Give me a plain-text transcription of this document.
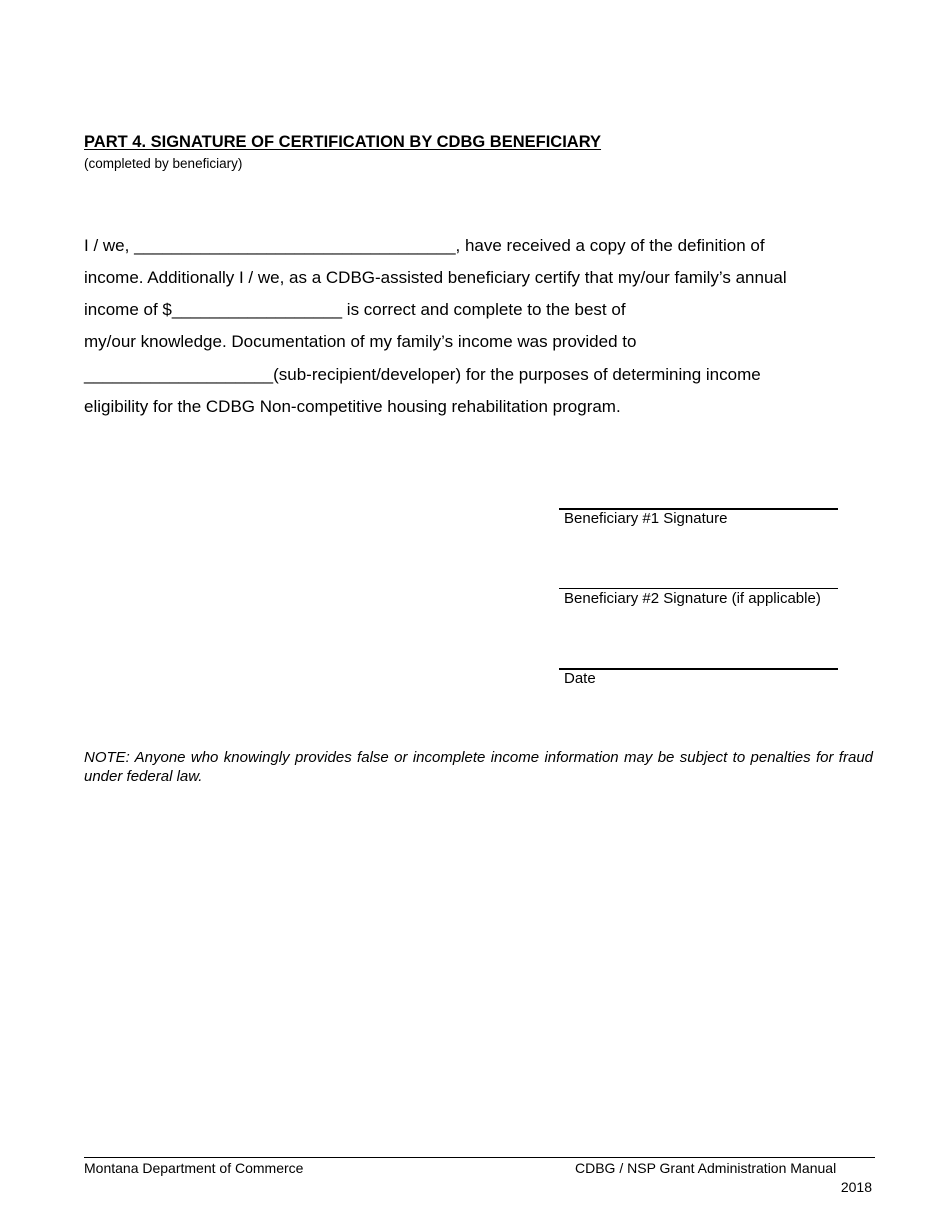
PART 4. SIGNATURE OF CERTIFICATION BY CDBG BENEFICIARY
(completed by beneficiary)
I / we, __________________________________, have received a copy of the definition of
income. Additionally I / we, as a CDBG-assisted beneficiary certify that my/our family’s annual
income of $__________________ is correct and complete to the best of
my/our knowledge. Documentation of my family’s income was provided to
____________________(sub-recipient/developer) for the purposes of determining income
eligibility for the CDBG Non-competitive housing rehabilitation program.
Beneficiary #1 Signature
Beneficiary #2 Signature (if applicable)
Date
NOTE: Anyone who knowingly provides false or incomplete income information may be subject to penalties for fraud under federal law.
Montana Department of Commerce	CDBG / NSP Grant Administration Manual
2018
